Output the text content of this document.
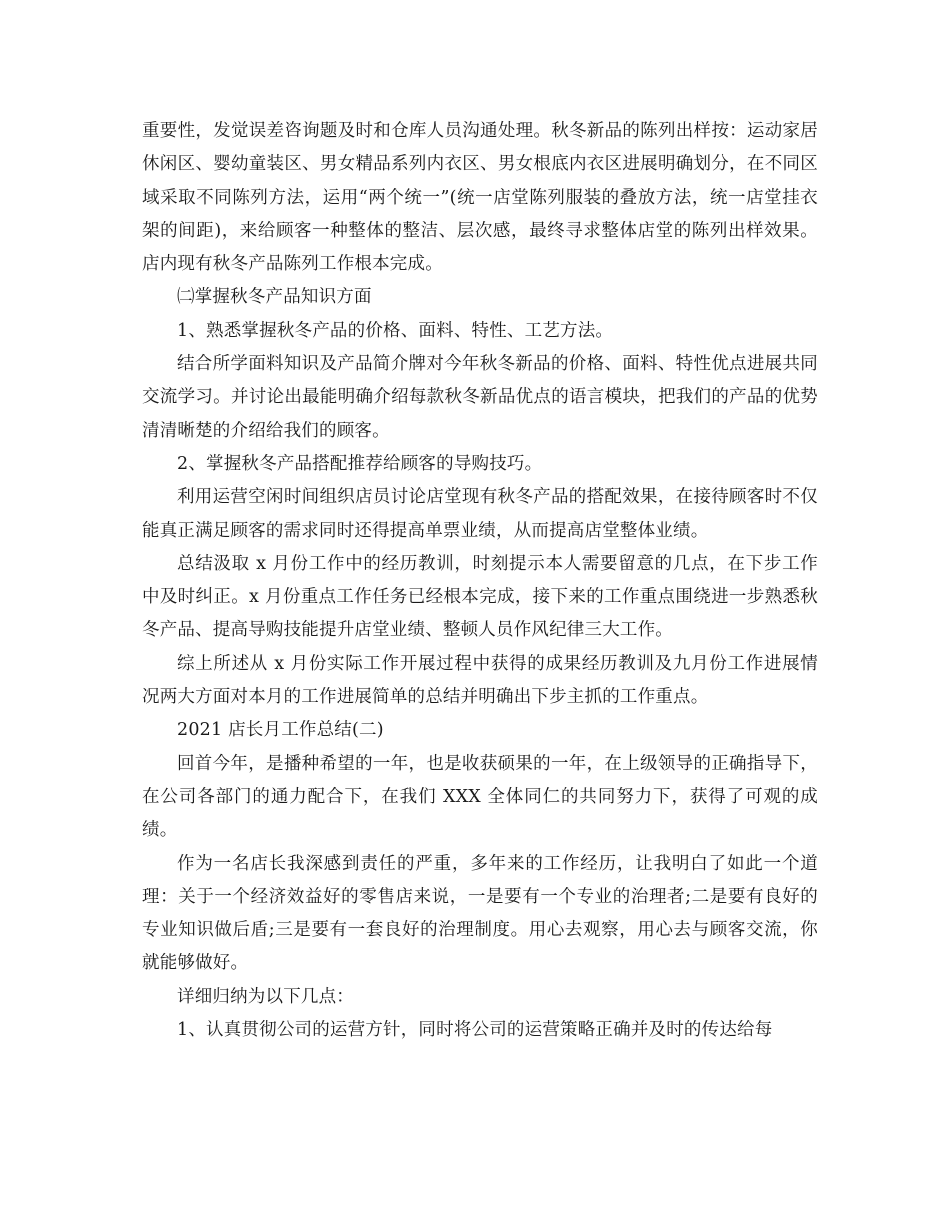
重要性，发觉误差咨询题及时和仓库人员沟通处理。秋冬新品的陈列出样按：运动家居休闲区、婴幼童装区、男女精品系列内衣区、男女根底内衣区进展明确划分，在不同区域采取不同陈列方法，运用“两个统一”(统一店堂陈列服装的叠放方法，统一店堂挂衣架的间距)，来给顾客一种整体的整洁、层次感，最终寻求整体店堂的陈列出样效果。店内现有秋冬产品陈列工作根本完成。

㈡掌握秋冬产品知识方面

1、熟悉掌握秋冬产品的价格、面料、特性、工艺方法。

结合所学面料知识及产品简介牌对今年秋冬新品的价格、面料、特性优点进展共同交流学习。并讨论出最能明确介绍每款秋冬新品优点的语言模块，把我们的产品的优势清清晰楚的介绍给我们的顾客。

2、掌握秋冬产品搭配推荐给顾客的导购技巧。

利用运营空闲时间组织店员讨论店堂现有秋冬产品的搭配效果，在接待顾客时不仅能真正满足顾客的需求同时还得提高单票业绩，从而提高店堂整体业绩。

总结汲取 x 月份工作中的经历教训，时刻提示本人需要留意的几点，在下步工作中及时纠正。x 月份重点工作任务已经根本完成，接下来的工作重点围绕进一步熟悉秋冬产品、提高导购技能提升店堂业绩、整顿人员作风纪律三大工作。

综上所述从 x 月份实际工作开展过程中获得的成果经历教训及九月份工作进展情况两大方面对本月的工作进展简单的总结并明确出下步主抓的工作重点。

2021 店长月工作总结(二)

回首今年，是播种希望的一年，也是收获硕果的一年，在上级领导的正确指导下，在公司各部门的通力配合下，在我们 XXX 全体同仁的共同努力下，获得了可观的成绩。

作为一名店长我深感到责任的严重，多年来的工作经历，让我明白了如此一个道理：关于一个经济效益好的零售店来说，一是要有一个专业的治理者;二是要有良好的专业知识做后盾;三是要有一套良好的治理制度。用心去观察，用心去与顾客交流，你就能够做好。

详细归纳为以下几点：

1、认真贯彻公司的运营方针，同时将公司的运营策略正确并及时的传达给每
